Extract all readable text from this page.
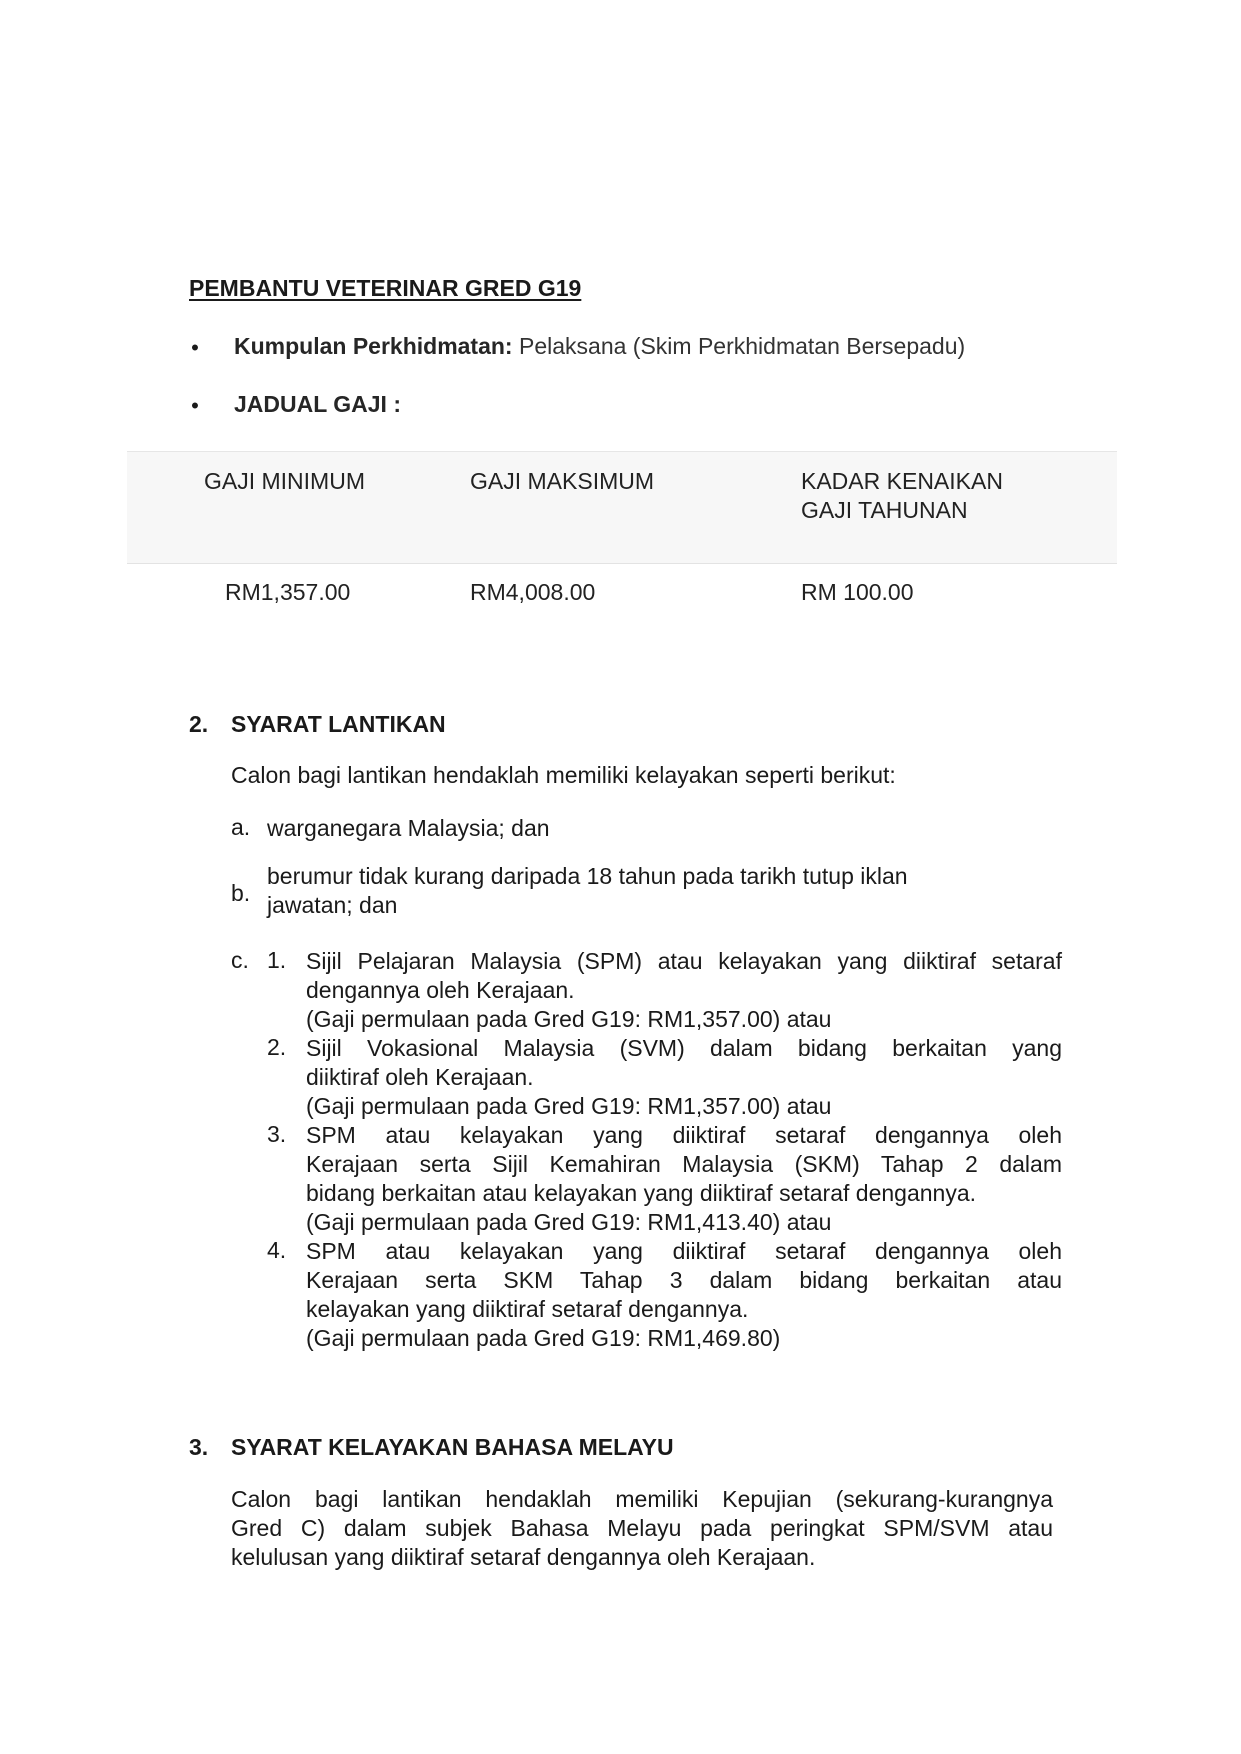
PEMBANTU VETERINAR GRED G19
• Kumpulan Perkhidmatan: Pelaksana (Skim Perkhidmatan Bersepadu)
• JADUAL GAJI :
GAJI MINIMUM	GAJI MAKSIMUM	KADAR KENAIKAN
GAJI TAHUNAN
RM1,357.00	RM4,008.00	RM 100.00
2. SYARAT LANTIKAN
Calon bagi lantikan hendaklah memiliki kelayakan seperti berikut:
a. warganegara Malaysia; dan
b.
berumur tidak kurang daripada 18 tahun pada tarikh tutup iklan
jawatan; dan
c. 1. Sijil Pelajaran Malaysia (SPM) atau kelayakan yang diiktiraf setaraf
dengannya oleh Kerajaan.
(Gaji permulaan pada Gred G19: RM1,357.00) atau
2. Sijil Vokasional Malaysia (SVM) dalam bidang berkaitan yang
diiktiraf oleh Kerajaan.
(Gaji permulaan pada Gred G19: RM1,357.00) atau
3. SPM atau kelayakan yang diiktiraf setaraf dengannya oleh
Kerajaan serta Sijil Kemahiran Malaysia (SKM) Tahap 2 dalam
bidang berkaitan atau kelayakan yang diiktiraf setaraf dengannya.
(Gaji permulaan pada Gred G19: RM1,413.40) atau
4. SPM atau kelayakan yang diiktiraf setaraf dengannya oleh
Kerajaan serta SKM Tahap 3 dalam bidang berkaitan atau
kelayakan yang diiktiraf setaraf dengannya.
(Gaji permulaan pada Gred G19: RM1,469.80)
3. SYARAT KELAYAKAN BAHASA MELAYU
Calon bagi lantikan hendaklah memiliki Kepujian (sekurang-kurangnya
Gred C) dalam subjek Bahasa Melayu pada peringkat SPM/SVM atau
kelulusan yang diiktiraf setaraf dengannya oleh Kerajaan.
